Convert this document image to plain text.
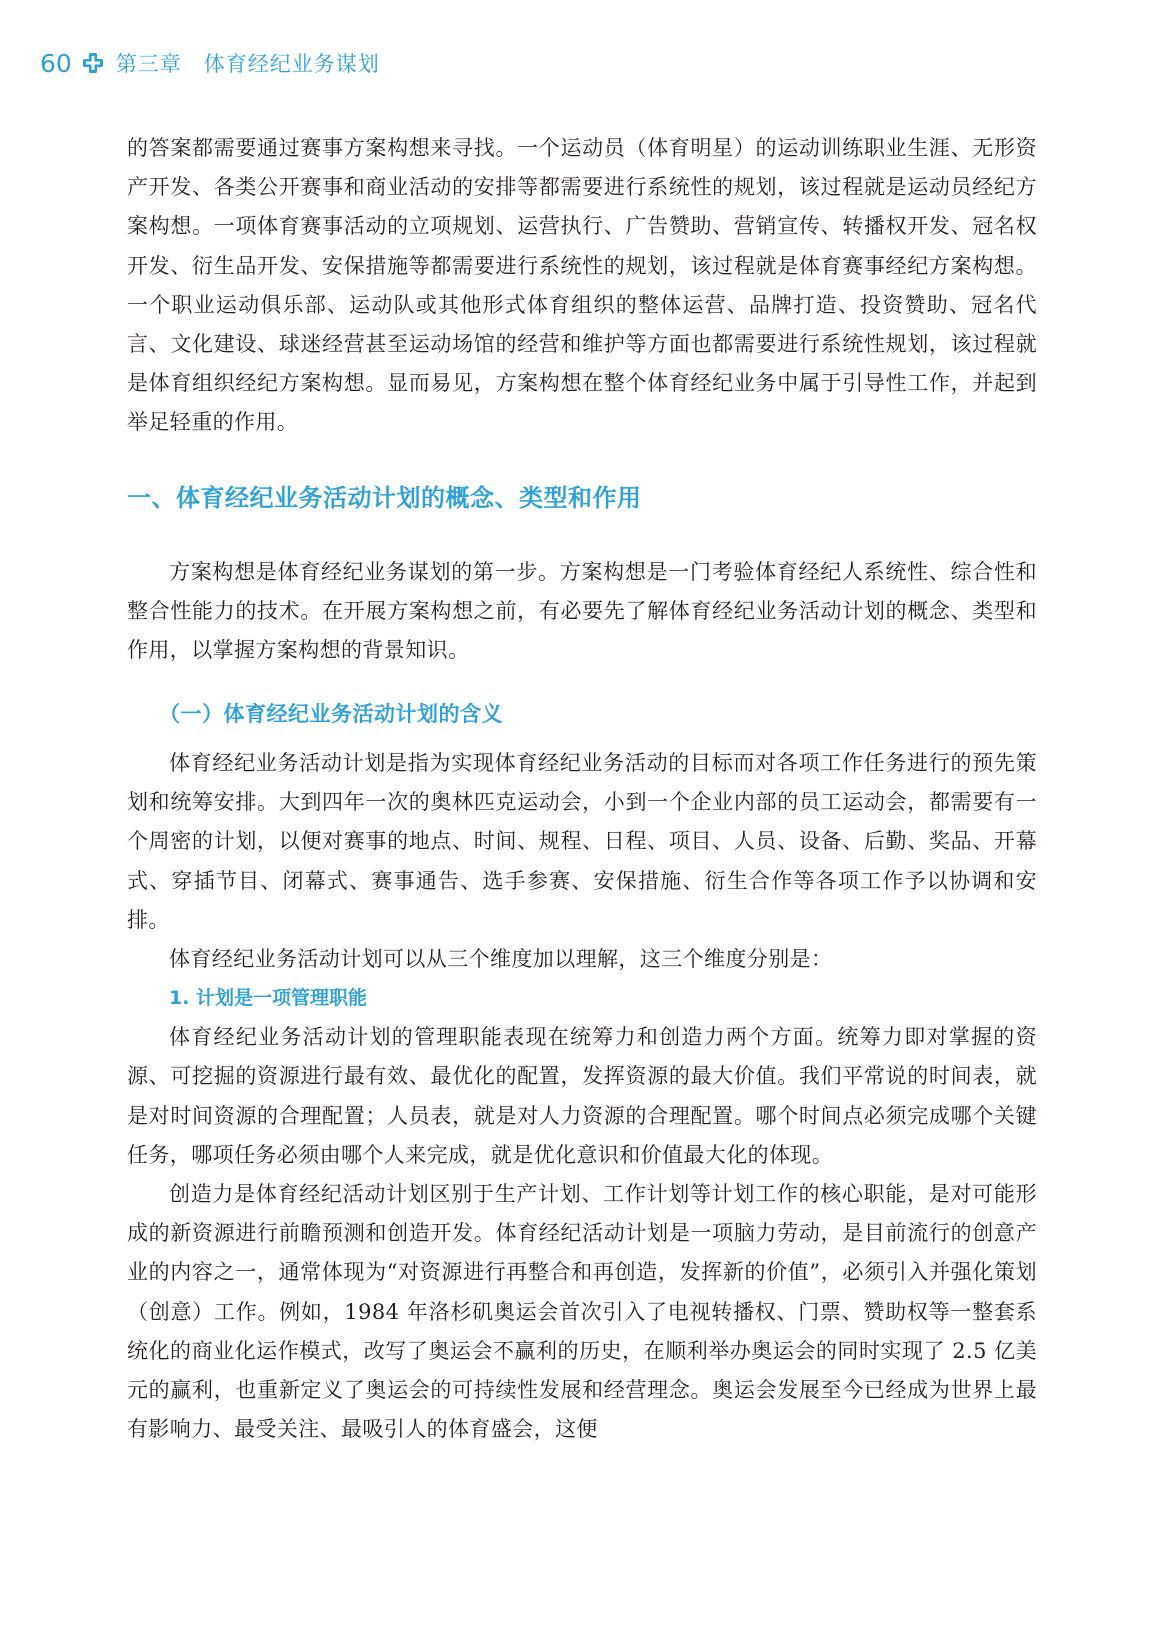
60 第三章　体育经纪业务谋划

的答案都需要通过赛事方案构想来寻找。一个运动员（体育明星）的运动训练职业生涯、无形资产开发、各类公开赛事和商业活动的安排等都需要进行系统性的规划，该过程就是运动员经纪方案构想。一项体育赛事活动的立项规划、运营执行、广告赞助、营销宣传、转播权开发、冠名权开发、衍生品开发、安保措施等都需要进行系统性的规划，该过程就是体育赛事经纪方案构想。一个职业运动俱乐部、运动队或其他形式体育组织的整体运营、品牌打造、投资赞助、冠名代言、文化建设、球迷经营甚至运动场馆的经营和维护等方面也都需要进行系统性规划，该过程就是体育组织经纪方案构想。显而易见，方案构想在整个体育经纪业务中属于引导性工作，并起到举足轻重的作用。

一、体育经纪业务活动计划的概念、类型和作用

方案构想是体育经纪业务谋划的第一步。方案构想是一门考验体育经纪人系统性、综合性和整合性能力的技术。在开展方案构想之前，有必要先了解体育经纪业务活动计划的概念、类型和作用，以掌握方案构想的背景知识。

（一）体育经纪业务活动计划的含义

体育经纪业务活动计划是指为实现体育经纪业务活动的目标而对各项工作任务进行的预先策划和统筹安排。大到四年一次的奥林匹克运动会，小到一个企业内部的员工运动会，都需要有一个周密的计划，以便对赛事的地点、时间、规程、日程、项目、人员、设备、后勤、奖品、开幕式、穿插节目、闭幕式、赛事通告、选手参赛、安保措施、衍生合作等各项工作予以协调和安排。

体育经纪业务活动计划可以从三个维度加以理解，这三个维度分别是：

1. 计划是一项管理职能

体育经纪业务活动计划的管理职能表现在统筹力和创造力两个方面。统筹力即对掌握的资源、可挖掘的资源进行最有效、最优化的配置，发挥资源的最大价值。我们平常说的时间表，就是对时间资源的合理配置；人员表，就是对人力资源的合理配置。哪个时间点必须完成哪个关键任务，哪项任务必须由哪个人来完成，就是优化意识和价值最大化的体现。

创造力是体育经纪活动计划区别于生产计划、工作计划等计划工作的核心职能，是对可能形成的新资源进行前瞻预测和创造开发。体育经纪活动计划是一项脑力劳动，是目前流行的创意产业的内容之一，通常体现为“对资源进行再整合和再创造，发挥新的价值”，必须引入并强化策划（创意）工作。例如，1984 年洛杉矶奥运会首次引入了电视转播权、门票、赞助权等一整套系统化的商业化运作模式，改写了奥运会不赢利的历史，在顺利举办奥运会的同时实现了 2.5 亿美元的赢利，也重新定义了奥运会的可持续性发展和经营理念。奥运会发展至今已经成为世界上最有影响力、最受关注、最吸引人的体育盛会，这便
